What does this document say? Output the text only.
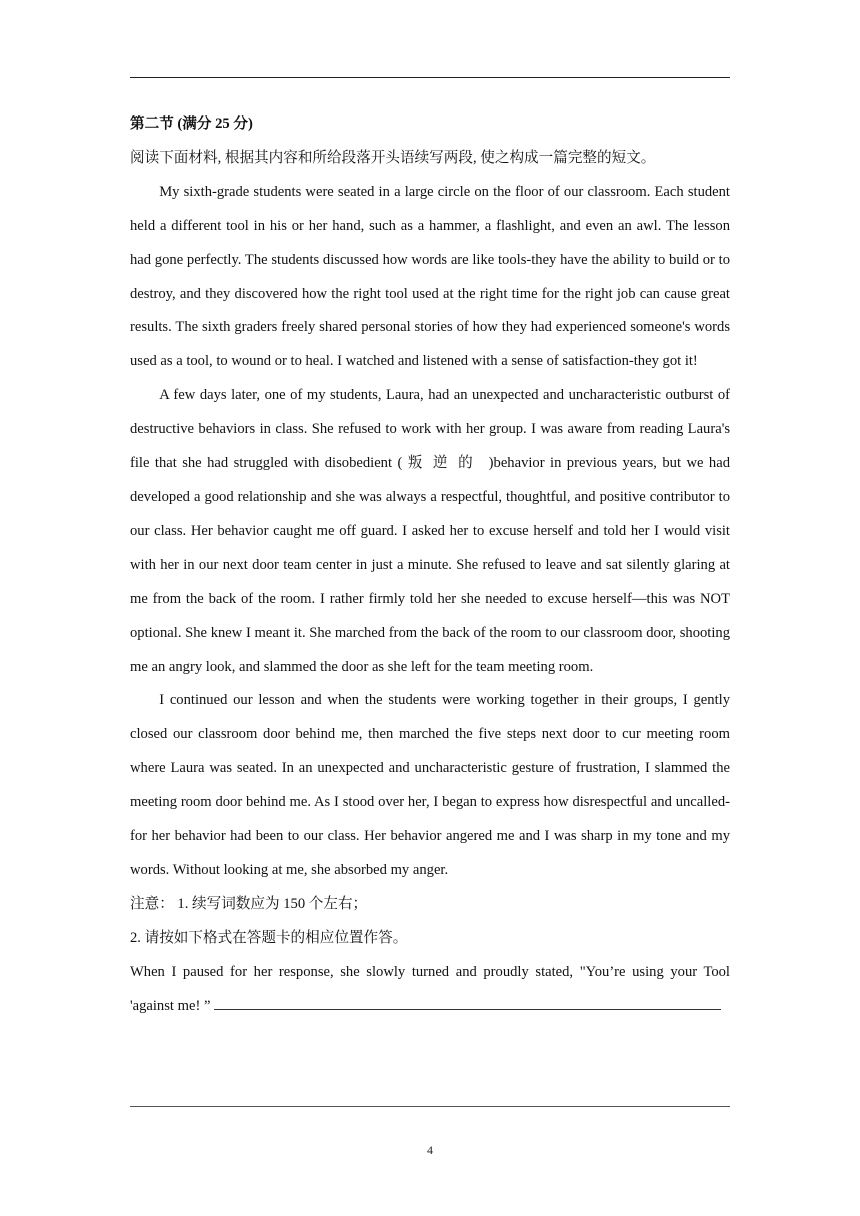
第二节 (满分 25 分)

阅读下面材料, 根据其内容和所给段落开头语续写两段, 使之构成一篇完整的短文。

My sixth-grade students were seated in a large circle on the floor of our classroom. Each student held a different tool in his or her hand, such as a hammer, a flashlight, and even an awl. The lesson had gone perfectly. The students discussed how words are like tools-they have the ability to build or to destroy, and they discovered how the right tool used at the right time for the right job can cause great results. The sixth graders freely shared personal stories of how they had experienced someone's words used as a tool, to wound or to heal. I watched and listened with a sense of satisfaction-they got it!

A few days later, one of my students, Laura, had an unexpected and uncharacteristic outburst of destructive behaviors in class. She refused to work with her group. I was aware from reading Laura's file that she had struggled with disobedient ( 叛逆的 )behavior in previous years, but we had developed a good relationship and she was always a respectful, thoughtful, and positive contributor to our class. Her behavior caught me off guard. I asked her to excuse herself and told her I would visit with her in our next door team center in just a minute. She refused to leave and sat silently glaring at me from the back of the room. I rather firmly told her she needed to excuse herself—this was NOT optional. She knew I meant it. She marched from the back of the room to our classroom door, shooting me an angry look, and slammed the door as she left for the team meeting room.

I continued our lesson and when the students were working together in their groups, I gently closed our classroom door behind me, then marched the five steps next door to cur meeting room where Laura was seated. In an unexpected and uncharacteristic gesture of frustration, I slammed the meeting room door behind me. As I stood over her, I began to express how disrespectful and uncalled-for her behavior had been to our class. Her behavior angered me and I was sharp in my tone and my words. Without looking at me, she absorbed my anger.

注意： 1. 续写词数应为 150 个左右；

2. 请按如下格式在答题卡的相应位置作答。

When I paused for her response, she slowly turned and proudly stated, "You’re using your Tool 'against me! ”

4
